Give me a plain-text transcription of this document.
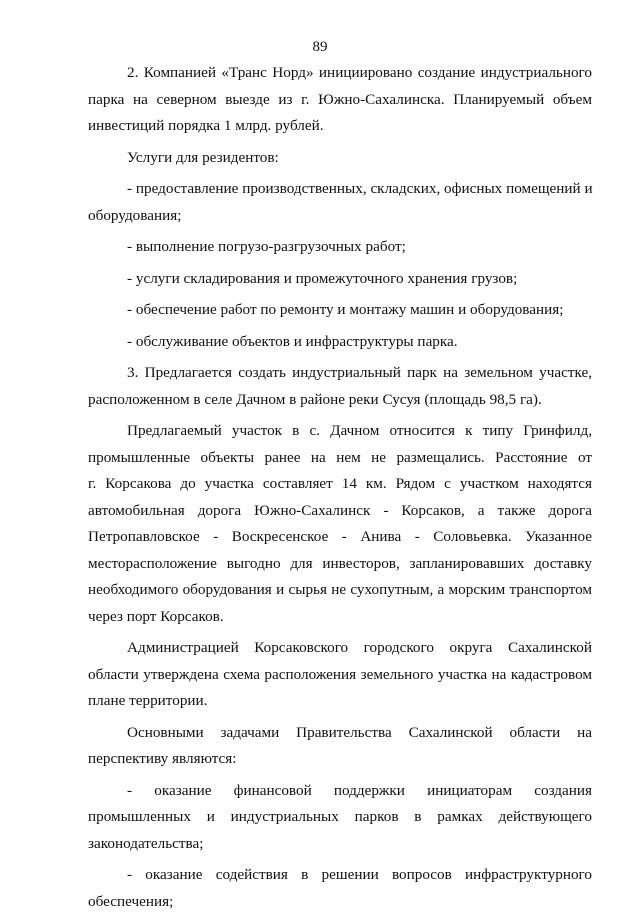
89
2. Компанией «Транс Норд» инициировано создание индустриального
парка на северном выезде из г. Южно-Сахалинска. Планируемый объем
инвестиций порядка 1 млрд. рублей.
Услуги для резидентов:
- предоставление производственных, складских, офисных помещений и
оборудования;
- выполнение погрузо-разгрузочных работ;
- услуги складирования и промежуточного хранения грузов;
- обеспечение работ по ремонту и монтажу машин и оборудования;
- обслуживание объектов и инфраструктуры парка.
3. Предлагается создать индустриальный парк на земельном участке,
расположенном в селе Дачном в районе реки Сусуя (площадь 98,5 га).
Предлагаемый участок в с. Дачном относится к типу Гринфилд,
промышленные объекты ранее на нем не размещались. Расстояние от
г. Корсакова до участка составляет 14 км. Рядом с участком находятся
автомобильная дорога Южно-Сахалинск - Корсаков, а также дорога
Петропавловское - Воскресенское - Анива - Соловьевка. Указанное
месторасположение выгодно для инвесторов, запланировавших доставку
необходимого оборудования и сырья не сухопутным, а морским транспортом
через порт Корсаков.
Администрацией Корсаковского городского округа Сахалинской
области утверждена схема расположения земельного участка на кадастровом
плане территории.
Основными задачами Правительства Сахалинской области на
перспективу являются:
- оказание финансовой поддержки инициаторам создания
промышленных и индустриальных парков в рамках действующего
законодательства;
- оказание содействия в решении вопросов инфраструктурного
обеспечения;
